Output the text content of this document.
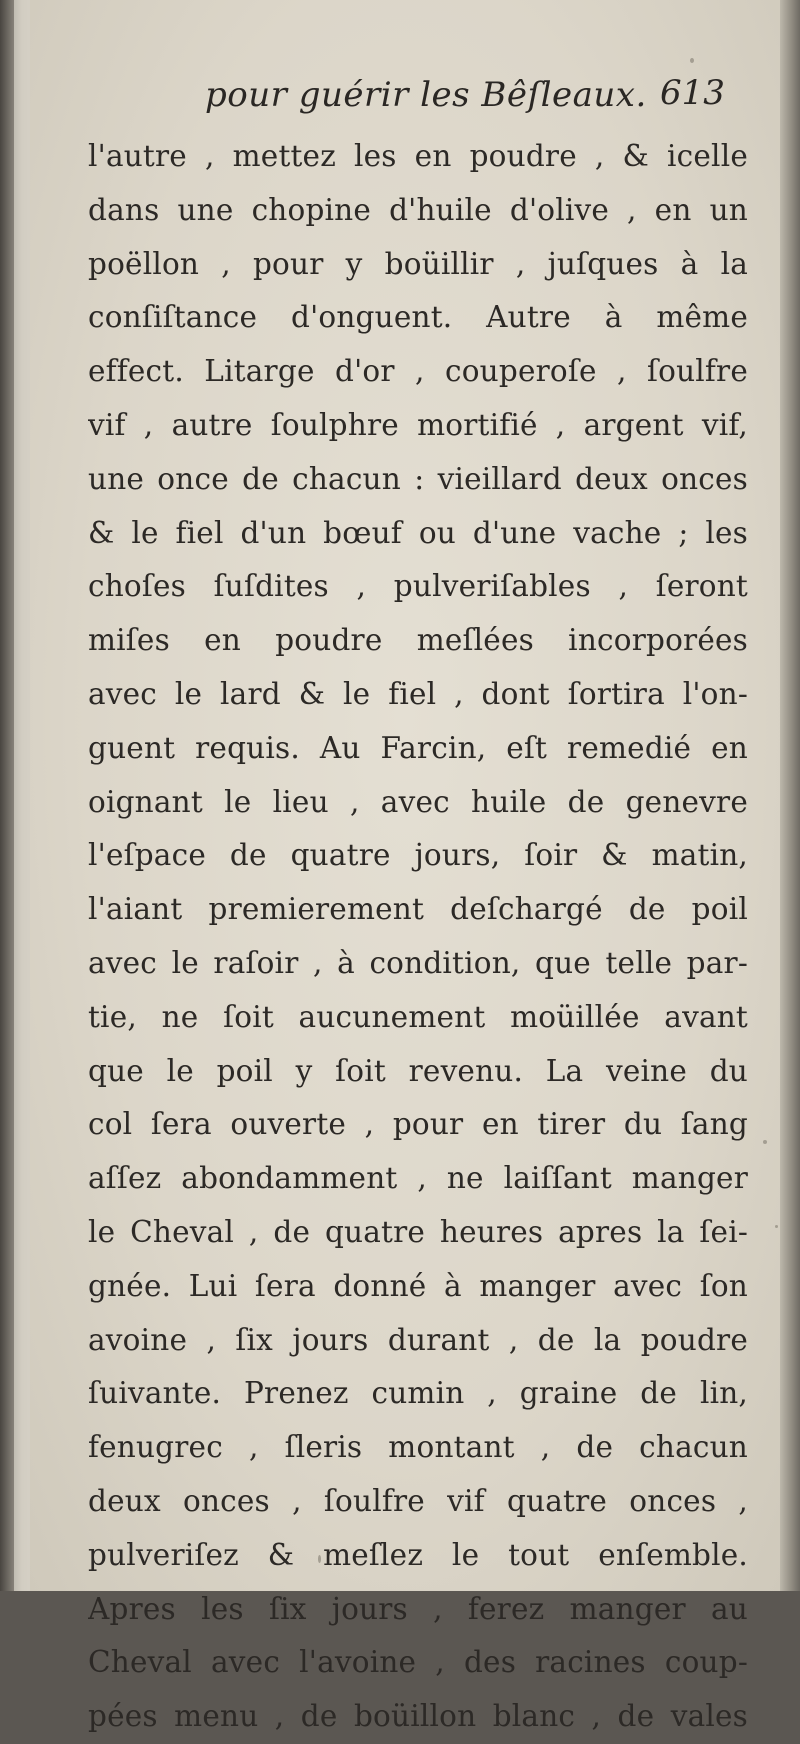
pour guérir les Bêſleaux. 613
l'autre , mettez les en poudre , & icelle
dans une chopine d'huile d'olive , en un
poëllon , pour y boüillir , juſques à la
conſiſtance d'onguent. Autre à même
effect. Litarge d'or , couperoſe , ſoulfre
vif , autre ſoulphre mortifié , argent vif,
une once de chacun : vieillard deux onces
& le fiel d'un bœuf ou d'une vache ; les
choſes ſuſdites , pulveriſables , ſeront
miſes en poudre meſlées incorporées
avec le lard & le fiel , dont ſortira l'on-
guent requis. Au Farcin, eſt remedié en
oignant le lieu , avec huile de genevre
l'eſpace de quatre jours, ſoir & matin,
l'aiant premierement deſchargé de poil
avec le raſoir , à condition, que telle par-
tie, ne ſoit aucunement moüillée avant
que le poil y ſoit revenu. La veine du
col ſera ouverte , pour en tirer du ſang
aſſez abondamment , ne laiſſant manger
le Cheval , de quatre heures apres la ſei-
gnée. Lui ſera donné à manger avec ſon
avoine , ſix jours durant , de la poudre
ſuivante. Prenez cumin , graine de lin,
fenugrec , ſleris montant , de chacun
deux onces , ſoulfre vif quatre onces ,
pulveriſez & meſlez le tout enſemble.
Apres les ſix jours , ferez manger au
Cheval avec l'avoine , des racines coup-
pées menu , de boüillon blanc , de vales
